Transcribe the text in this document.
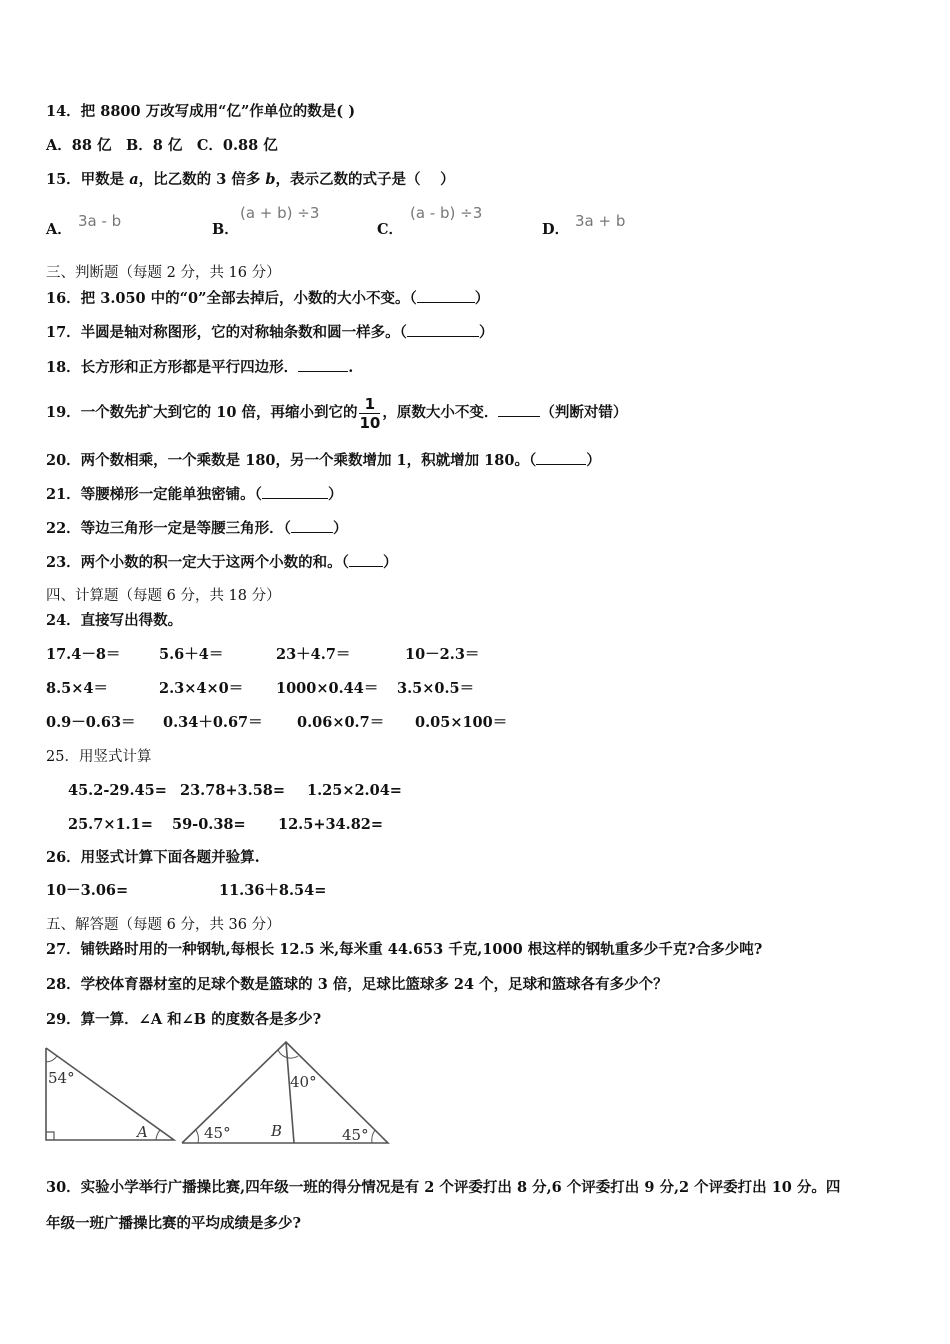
14．把 8800 万改写成用“亿”作单位的数是( )
A．88 亿　B．8 亿　C．0.88 亿
15．甲数是 a，比乙数的 3 倍多 b，表示乙数的式子是（　 ）
A． 3a - b	B．
(a + b) ÷3
C．
(a - b) ÷3
D． 3a + b
三、判断题（每题 2 分，共 16 分）
16．把 3.050 中的“0”全部去掉后，小数的大小不变。（	）
17．半圆是轴对称图形，它的对称轴条数和圆一样多。（	）
18．长方形和正方形都是平行四边形．	.
19．一个数先扩大到它的 10 倍，再缩小到它的 $\frac{1}{10}$ ，原数大小不变．	（判断对错）
20．两个数相乘，一个乘数是 180，另一个乘数增加 1，积就增加 180。（	）
21．等腰梯形一定能单独密铺。（	）
22．等边三角形一定是等腰三角形．（	）
23．两个小数的积一定大于这两个小数的和。（ ）
四、计算题（每题 6 分，共 18 分）
24．直接写出得数。
17.4－8＝	5.6＋4＝	23＋4.7＝	10－2.3＝
8.5×4＝	2.3×4×0＝ 1000×0.44＝ 3.5×0.5＝
0.9－0.63＝ 0.34＋0.67＝ 0.06×0.7＝ 0.05×100＝
25．用竖式计算
45.2-29.45= 23.78+3.58= 1.25×2.04=
25.7×1.1= 59-0.38= 12.5+34.82=
26．用竖式计算下面各题并验算.
10－3.06=	11.36＋8.54=
五、解答题（每题 6 分，共 36 分）
27．铺铁路时用的一种钢轨,每根长 12.5 米,每米重 44.653 千克,1000 根这样的钢轨重多少千克?合多少吨?
28．学校体育器材室的足球个数是篮球的 3 倍，足球比篮球多 24 个，足球和篮球各有多少个？
29．算一算．∠A 和∠B 的度数各是多少?
54°
A
40°
45°	45°
B
30．实验小学举行广播操比赛,四年级一班的得分情况是有 2 个评委打出 8 分,6 个评委打出 9 分,2 个评委打出 10 分。四
年级一班广播操比赛的平均成绩是多少?
